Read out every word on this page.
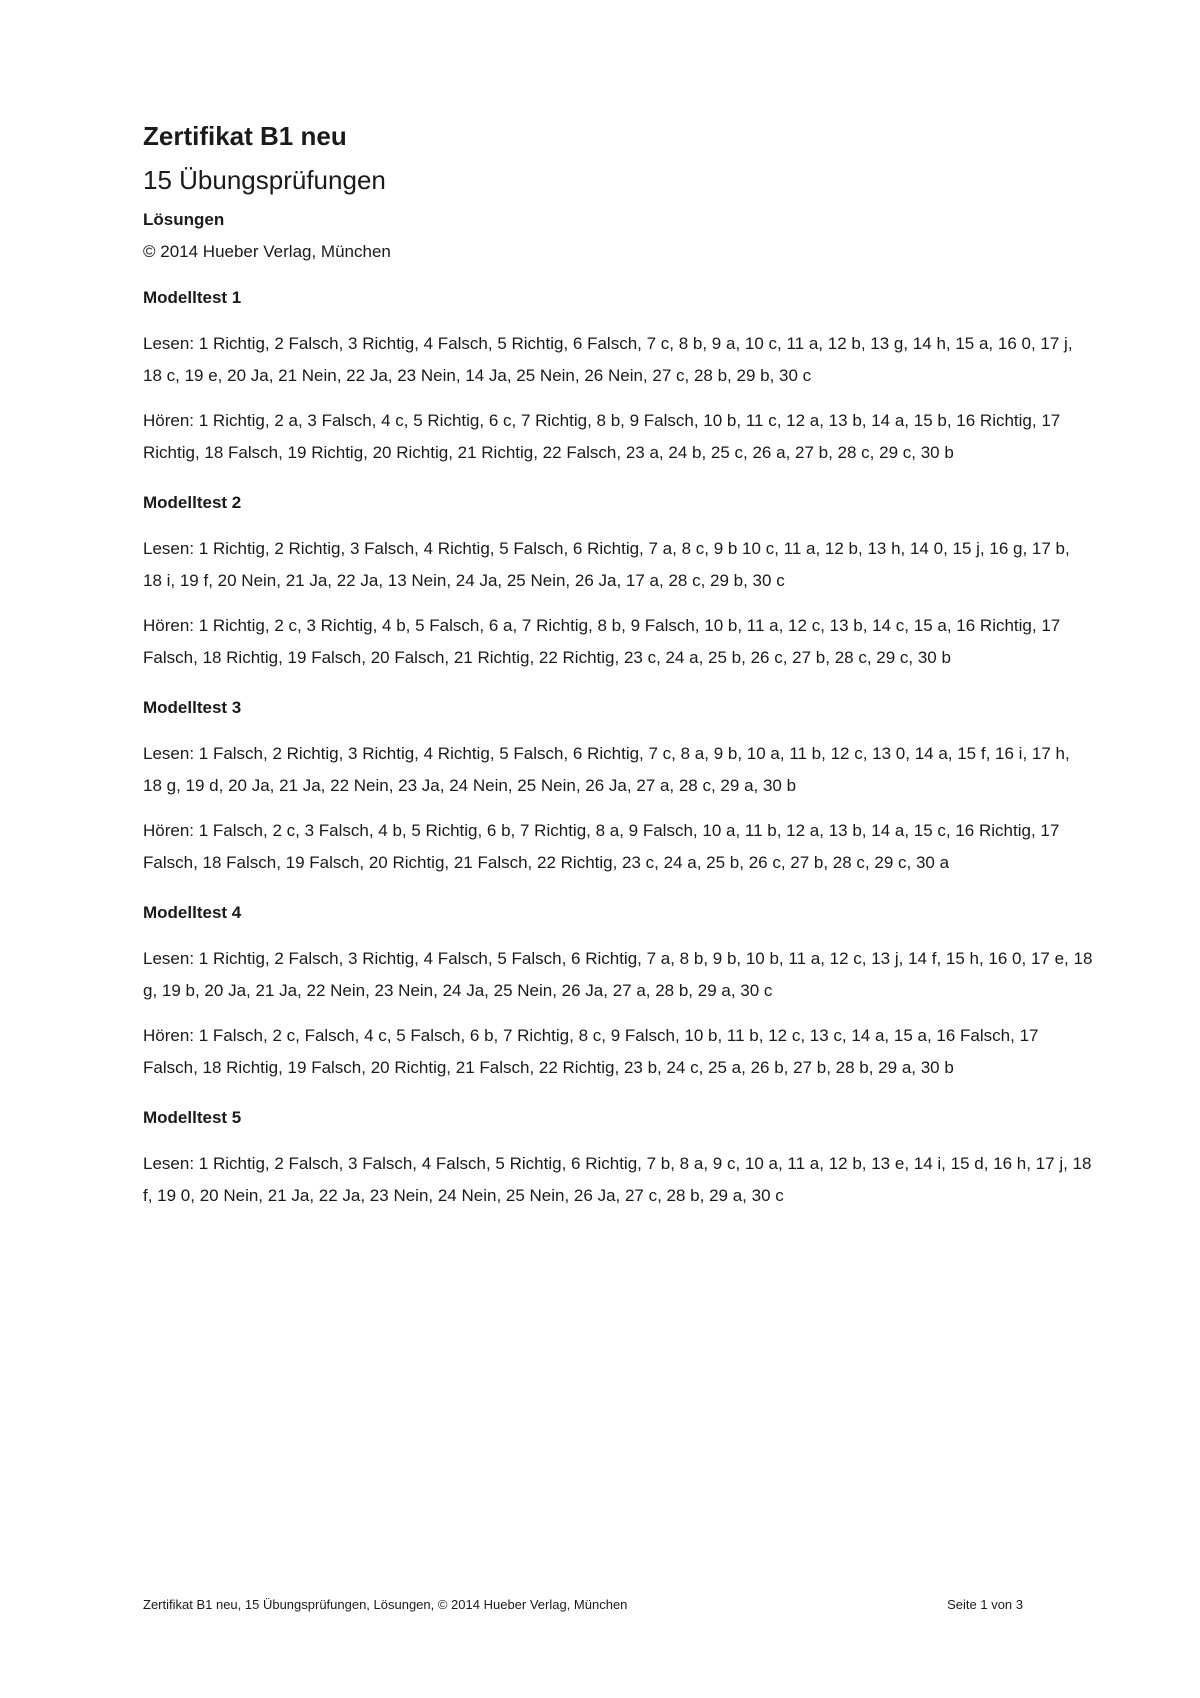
Zertifikat B1 neu
15 Übungsprüfungen
Lösungen
© 2014 Hueber Verlag, München
Modelltest 1

Lesen: 1 Richtig, 2 Falsch, 3 Richtig, 4 Falsch, 5 Richtig, 6 Falsch, 7 c, 8 b, 9 a, 10 c, 11 a, 12 b, 13 g, 14 h, 15 a, 16 0, 17 j, 18 c, 19 e, 20 Ja, 21 Nein, 22 Ja, 23 Nein, 14 Ja, 25 Nein, 26 Nein, 27 c, 28 b, 29 b, 30 c

Hören: 1 Richtig, 2 a, 3 Falsch, 4 c, 5 Richtig, 6 c, 7 Richtig, 8 b, 9 Falsch, 10 b, 11 c, 12 a, 13 b, 14 a, 15 b, 16 Richtig, 17 Richtig, 18 Falsch, 19 Richtig, 20 Richtig, 21 Richtig, 22 Falsch, 23 a, 24 b, 25 c, 26 a, 27 b, 28 c, 29 c, 30 b

Modelltest 2

Lesen: 1 Richtig, 2 Richtig, 3 Falsch, 4 Richtig, 5 Falsch, 6 Richtig, 7 a, 8 c, 9 b 10 c, 11 a, 12 b, 13 h, 14 0, 15 j, 16 g, 17 b, 18 i, 19 f, 20 Nein, 21 Ja, 22 Ja, 13 Nein, 24 Ja, 25 Nein, 26 Ja, 17 a, 28 c, 29 b, 30 c

Hören: 1 Richtig, 2 c, 3 Richtig, 4 b, 5 Falsch, 6 a, 7 Richtig, 8 b, 9 Falsch, 10 b, 11 a, 12 c, 13 b, 14 c, 15 a, 16 Richtig, 17 Falsch, 18 Richtig, 19 Falsch, 20 Falsch, 21 Richtig, 22 Richtig, 23 c, 24 a, 25 b, 26 c, 27 b, 28 c, 29 c, 30 b

Modelltest 3

Lesen: 1 Falsch, 2 Richtig, 3 Richtig, 4 Richtig, 5 Falsch, 6 Richtig, 7 c, 8 a, 9 b, 10 a, 11 b, 12 c, 13 0, 14 a, 15 f, 16 i, 17 h, 18 g, 19 d, 20 Ja, 21 Ja, 22 Nein, 23 Ja, 24 Nein, 25 Nein, 26 Ja, 27 a, 28 c, 29 a, 30 b

Hören: 1 Falsch, 2 c, 3 Falsch, 4 b, 5 Richtig, 6 b, 7 Richtig, 8 a, 9 Falsch, 10 a, 11 b, 12 a, 13 b, 14 a, 15 c, 16 Richtig, 17 Falsch, 18 Falsch, 19 Falsch, 20 Richtig, 21 Falsch, 22 Richtig, 23 c, 24 a, 25 b, 26 c, 27 b, 28 c, 29 c, 30 a

Modelltest 4

Lesen: 1 Richtig, 2 Falsch, 3 Richtig, 4 Falsch, 5 Falsch, 6 Richtig, 7 a, 8 b, 9 b, 10 b, 11 a, 12 c, 13 j, 14 f, 15 h, 16 0, 17 e, 18 g, 19 b, 20 Ja, 21 Ja, 22 Nein, 23 Nein, 24 Ja, 25 Nein, 26 Ja, 27 a, 28 b, 29 a, 30 c

Hören: 1 Falsch, 2 c, Falsch, 4 c, 5 Falsch, 6 b, 7 Richtig, 8 c, 9 Falsch, 10 b, 11 b, 12 c, 13 c, 14 a, 15 a, 16 Falsch, 17 Falsch, 18 Richtig, 19 Falsch, 20 Richtig, 21 Falsch, 22 Richtig, 23 b, 24 c, 25 a, 26 b, 27 b, 28 b, 29 a, 30 b

Modelltest 5

Lesen: 1 Richtig, 2 Falsch, 3 Falsch, 4 Falsch, 5 Richtig, 6 Richtig, 7 b, 8 a, 9 c, 10 a, 11 a, 12 b, 13 e, 14 i, 15 d, 16 h, 17 j, 18 f, 19 0, 20 Nein, 21 Ja, 22 Ja, 23 Nein, 24 Nein, 25 Nein, 26 Ja, 27 c, 28 b, 29 a, 30 c

Zertifikat B1 neu, 15 Übungsprüfungen, Lösungen, © 2014 Hueber Verlag, München	Seite 1 von 3
